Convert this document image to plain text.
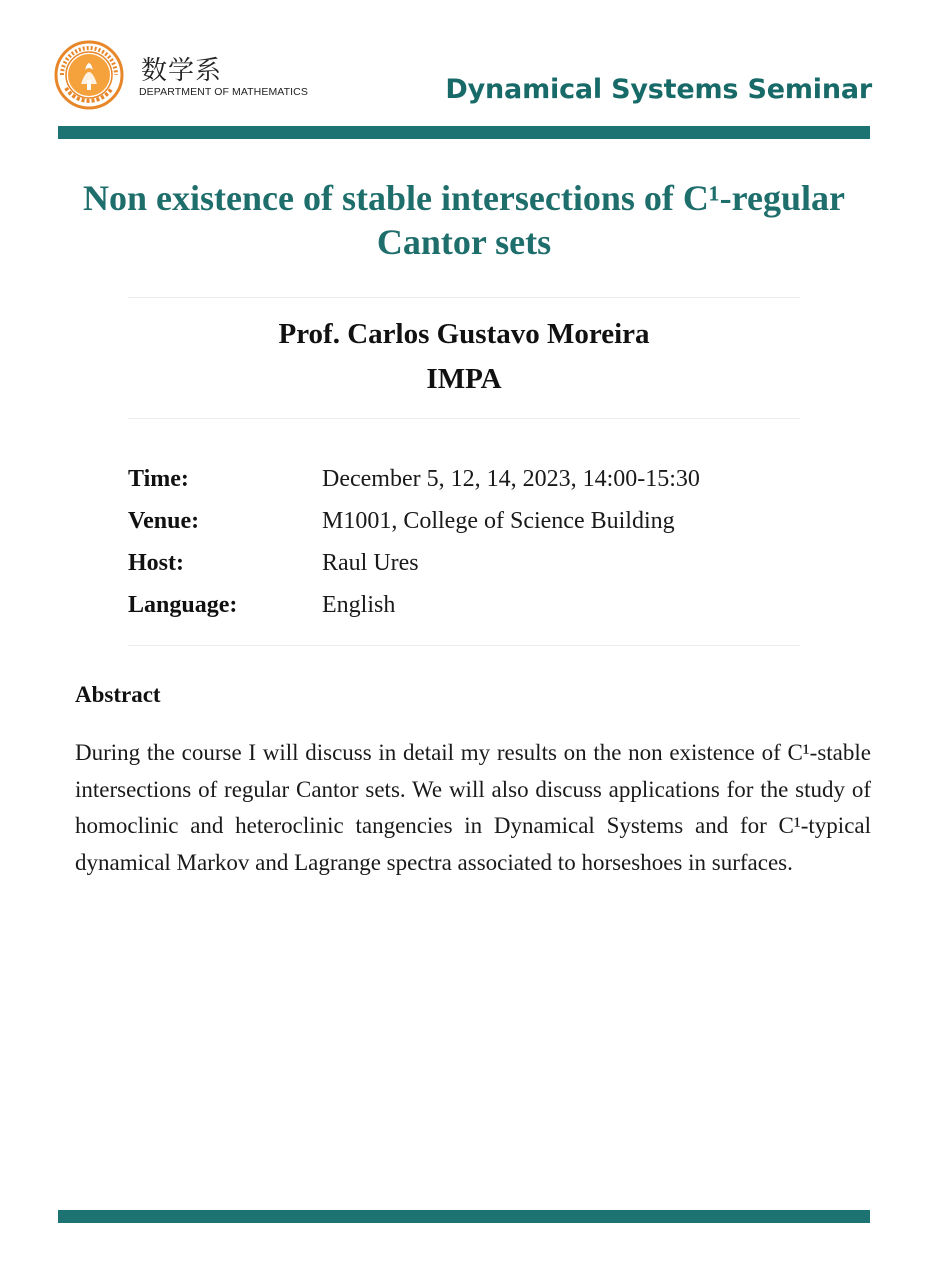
数学系
DEPARTMENT OF MATHEMATICS	Dynamical Systems Seminar
Non existence of stable intersections of C¹-regular
Cantor sets
Prof. Carlos Gustavo Moreira
IMPA
Time:	December 5, 12, 14, 2023, 14:00-15:30
Venue:	M1001, College of Science Building
Host:	Raul Ures
Language:	English
Abstract
During the course I will discuss in detail my results on the non existence of C¹-stable intersections of regular Cantor sets. We will also discuss applications for the study of homoclinic and heteroclinic tangencies in Dynamical Systems and for C¹-typical dynamical Markov and Lagrange spectra associated to horseshoes in surfaces.
